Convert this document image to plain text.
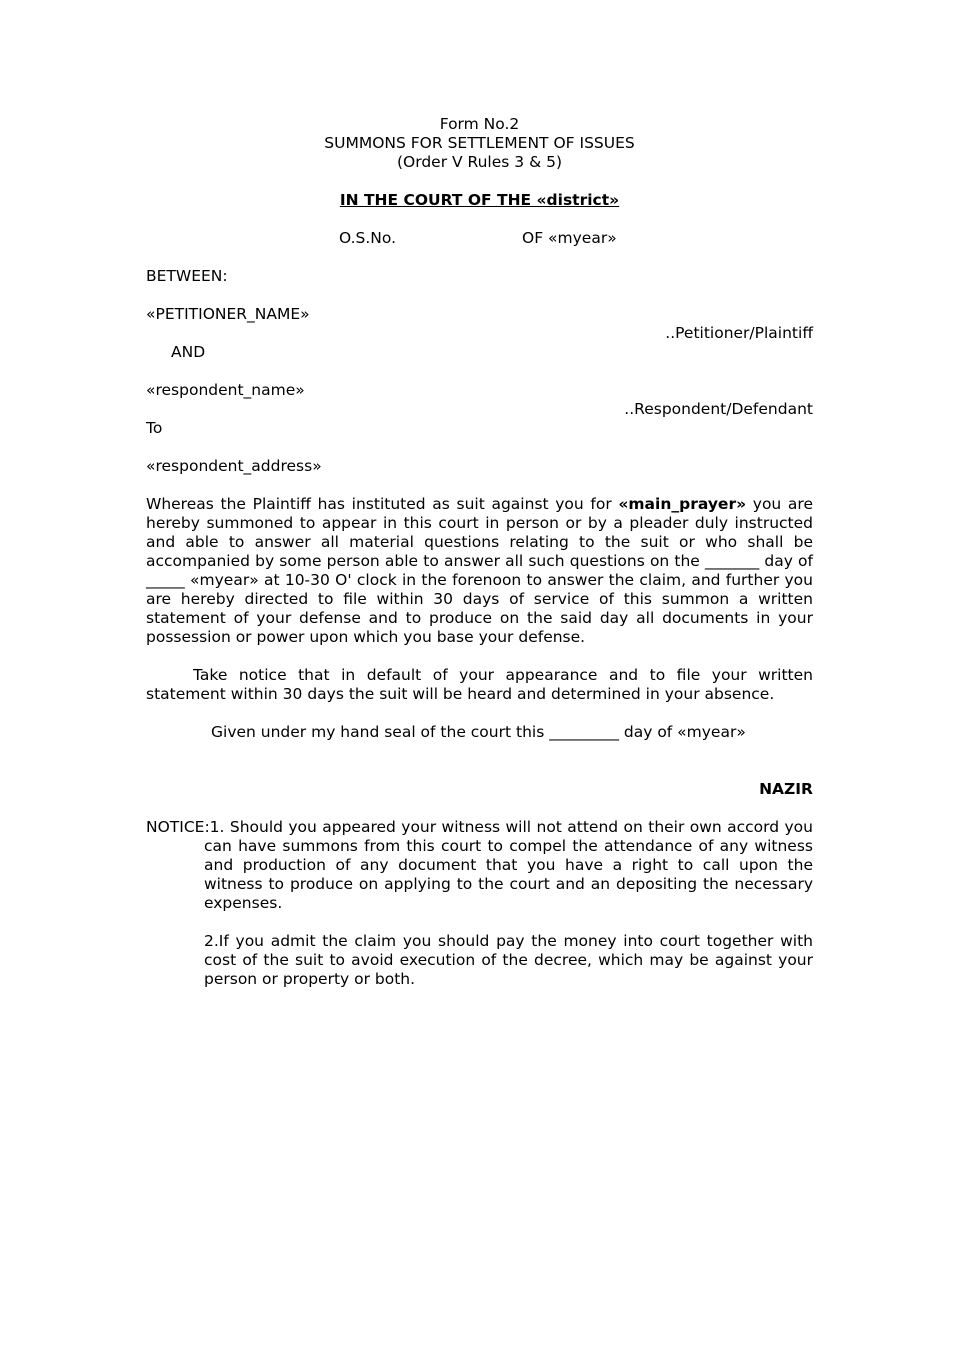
Form No.2

SUMMONS FOR SETTLEMENT OF ISSUES

(Order V Rules 3 & 5)

IN THE COURT OF THE «district»

O.S.No.	OF «myear»

BETWEEN:

«PETITIONER_NAME»

..Petitioner/Plaintiff

AND

«respondent_name»

..Respondent/Defendant

To

«respondent_address»

Whereas the Plaintiff has instituted as suit against you for «main_prayer» you are hereby summoned to appear in this court in person or by a pleader duly instructed and able to answer all material questions relating to the suit or who shall be accompanied by some person able to answer all such questions on the _______ day of _____ «myear» at 10-30 O' clock in the forenoon to answer the claim, and further you are hereby directed to file within 30 days of service of this summon a written statement of your defense and to produce on the said day all documents in your possession or power upon which you base your defense.

Take notice that in default of your appearance and to file your written statement within 30 days the suit will be heard and determined in your absence.

Given under my hand seal of the court this _________ day of «myear»

NAZIR

NOTICE:1. Should you appeared your witness will not attend on their own accord you can have summons from this court to compel the attendance of any witness and production of any document that you have a right to call upon the witness to produce on applying to the court and an depositing the necessary expenses.

2.If you admit the claim you should pay the money into court together with cost of the suit to avoid execution of the decree, which may be against your person or property or both.
